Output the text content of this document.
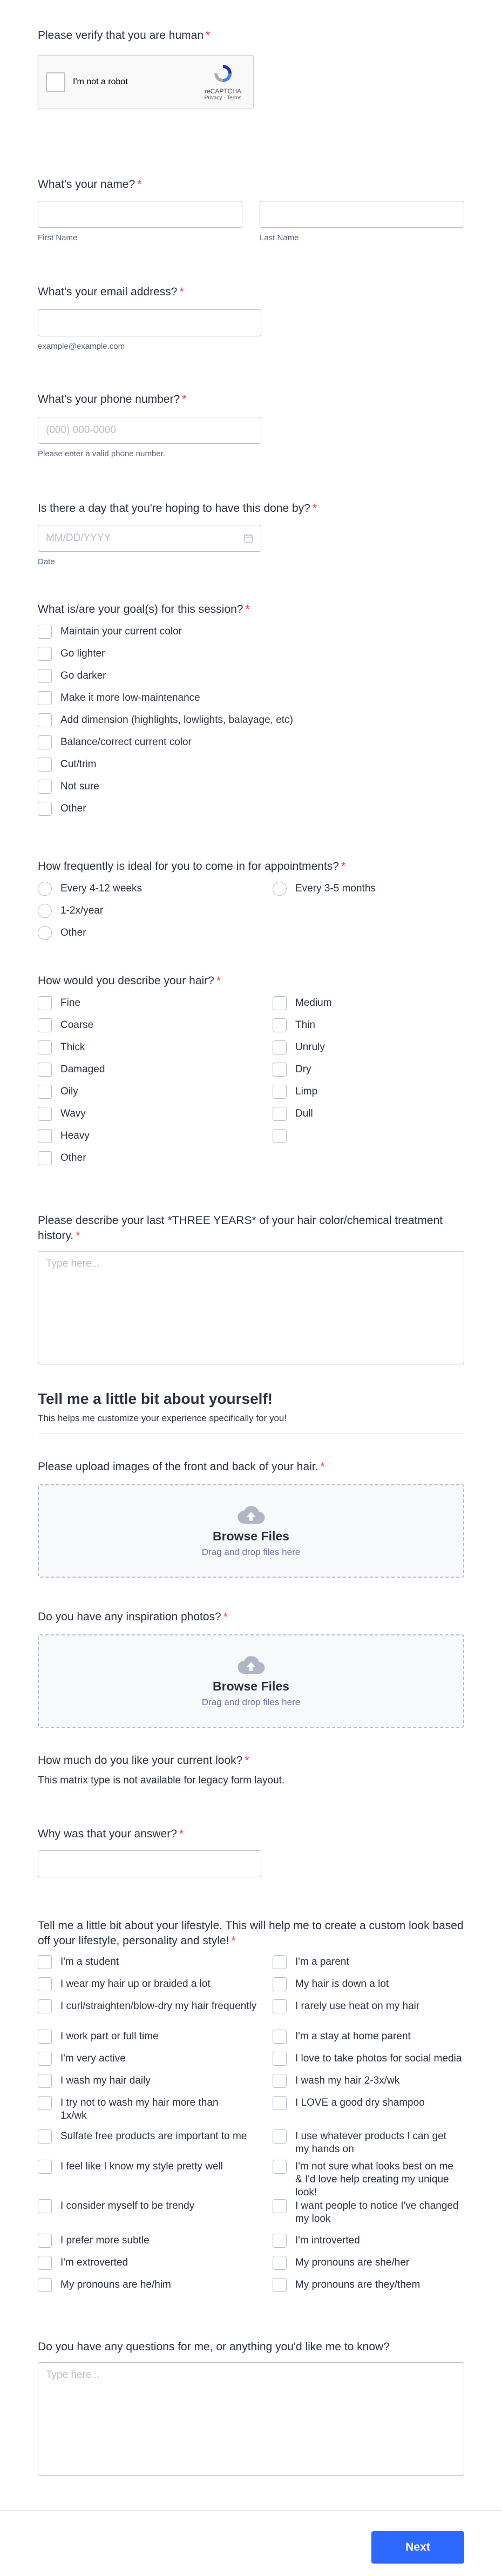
Please verify that you are human *
I'm not a robot
reCAPTCHA
Privacy - Terms
What's your name? *
First Name	Last Name
What's your email address? *
example@example.com
What's your phone number? *
(000) 000-0000
Please enter a valid phone number.
Is there a day that you're hoping to have this done by? *
MM/DD/YYYY
Date
What is/are your goal(s) for this session? *
Maintain your current color
Go lighter
Go darker
Make it more low-maintenance
Add dimension (highlights, lowlights, balayage, etc)
Balance/correct current color
Cut/trim
Not sure
Other
How frequently is ideal for you to come in for appointments? *
Every 4-12 weeks	Every 3-5 months
1-2x/year
Other
How would you describe your hair? *
Fine	Medium
Coarse	Thin
Thick	Unruly
Damaged	Dry
Oily	Limp
Wavy	Dull
Heavy
Other
Please describe your last *THREE YEARS* of your hair color/chemical treatment history. *
Type here...
Tell me a little bit about yourself!
This helps me customize your experience specifically for you!
Please upload images of the front and back of your hair. *
Browse Files
Drag and drop files here
Do you have any inspiration photos? *
Browse Files
Drag and drop files here
How much do you like your current look? *
This matrix type is not available for legacy form layout.
Why was that your answer? *
Tell me a little bit about your lifestyle. This will help me to create a custom look based off your lifestyle, personality and style! *
I'm a student	I'm a parent
I wear my hair up or braided a lot	My hair is down a lot
I curl/straighten/blow-dry my hair frequently	I rarely use heat on my hair
I work part or full time	I'm a stay at home parent
I'm very active	I love to take photos for social media
I wash my hair daily	I wash my hair 2-3x/wk
I try not to wash my hair more than 1x/wk
I LOVE a good dry shampoo
Sulfate free products are important to me	I use whatever products I can get my hands on
I feel like I know my style pretty well	I'm not sure what looks best on me & I'd love help creating my unique look!
I consider myself to be trendy	I want people to notice I've changed my look
I prefer more subtle	I'm introverted
I'm extroverted	My pronouns are she/her
My pronouns are he/him	My pronouns are they/them
Do you have any questions for me, or anything you'd like me to know?
Type here...
Next
